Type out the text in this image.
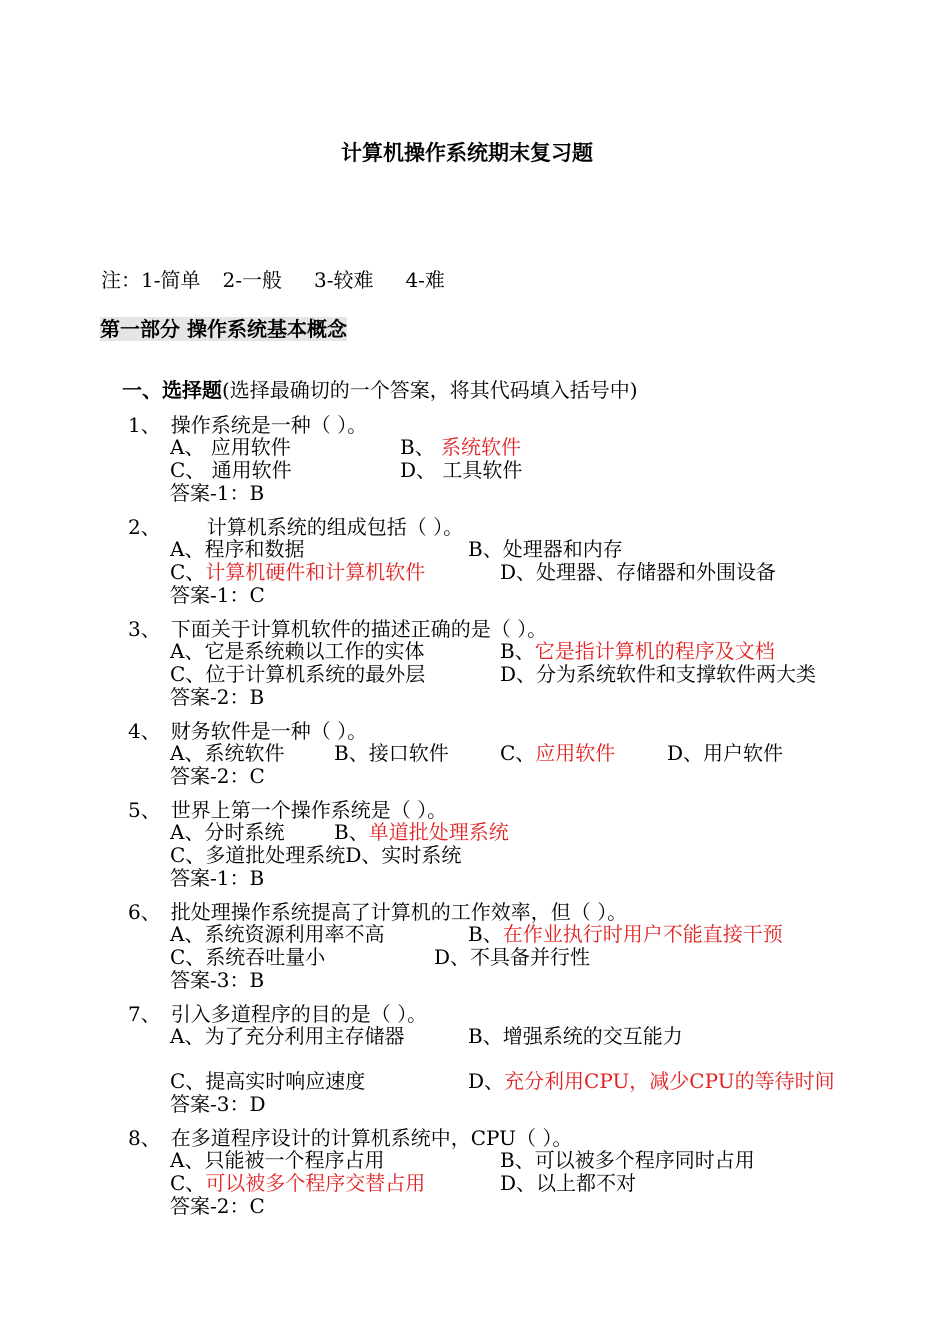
计算机操作系统期末复习题
注：1-简单 2-一般 3-较难 4-难
第一部分 操作系统基本概念
一、选择题(选择最确切的一个答案，将其代码填入括号中)
1、 操作系统是一种（ ）。
A、 应用软件	B、 系统软件
C、 通用软件	D、 工具软件
答案-1：B
2、 计算机系统的组成包括（ ）。
A、程序和数据	B、处理器和内存
C、计算机硬件和计算机软件	D、处理器、存储器和外围设备
答案-1：C
3、 下面关于计算机软件的描述正确的是（ ）。
A、它是系统赖以工作的实体	B、它是指计算机的程序及文档
C、位于计算机系统的最外层	D、分为系统软件和支撑软件两大类
答案-2：B
4、 财务软件是一种（ ）。
A、系统软件 B、接口软件	C、应用软件	D、用户软件
答案-2：C
5、 世界上第一个操作系统是（ ）。
A、分时系统 B、单道批处理系统
C、多道批处理系统D、实时系统
答案-1：B
6、 批处理操作系统提高了计算机的工作效率，但（ ）。
A、系统资源利用率不高	B、在作业执行时用户不能直接干预
C、系统吞吐量小	D、不具备并行性
答案-3：B
7、 引入多道程序的目的是（ ）。
A、为了充分利用主存储器	B、增强系统的交互能力
C、提高实时响应速度	D、充分利用CPU，减少CPU的等待时间
答案-3：D
8、 在多道程序设计的计算机系统中，CPU（ ）。
A、只能被一个程序占用	B、可以被多个程序同时占用
C、可以被多个程序交替占用	D、以上都不对
答案-2：C
